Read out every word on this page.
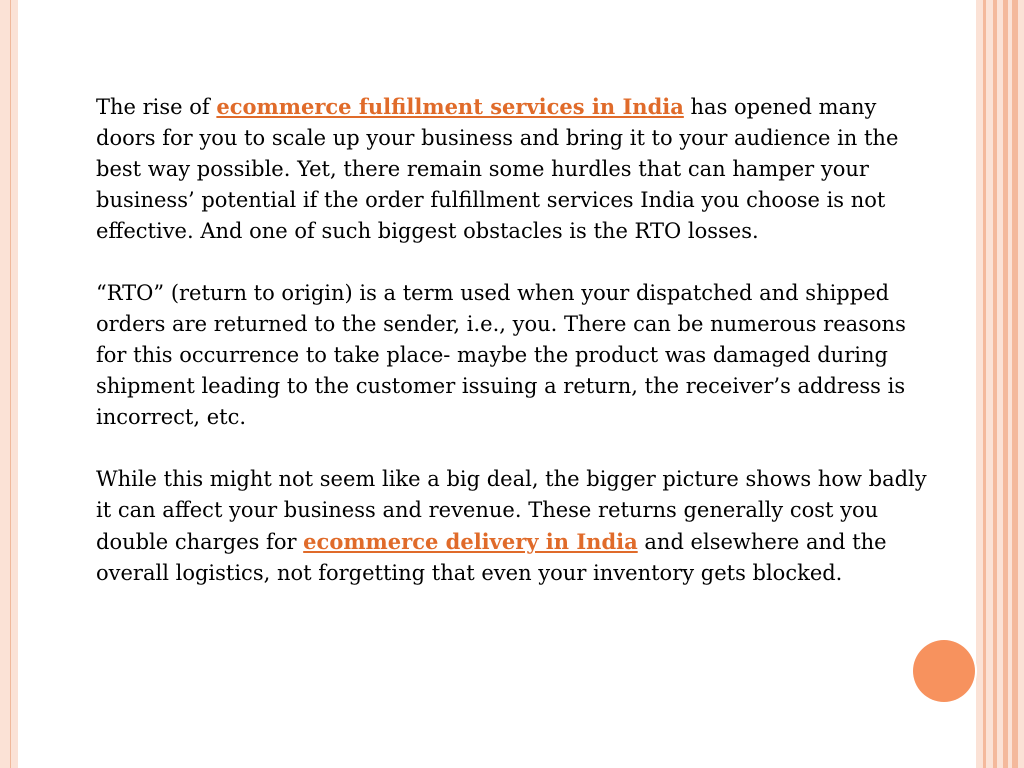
The rise of ecommerce fulfillment services in India has opened many doors for you to scale up your business and bring it to your audience in the best way possible. Yet, there remain some hurdles that can hamper your business’ potential if the order fulfillment services India you choose is not effective. And one of such biggest obstacles is the RTO losses.

“RTO” (return to origin) is a term used when your dispatched and shipped orders are returned to the sender, i.e., you. There can be numerous reasons for this occurrence to take place- maybe the product was damaged during shipment leading to the customer issuing a return, the receiver’s address is incorrect, etc.

While this might not seem like a big deal, the bigger picture shows how badly it can affect your business and revenue. These returns generally cost you double charges for ecommerce delivery in India and elsewhere and the overall logistics, not forgetting that even your inventory gets blocked.
